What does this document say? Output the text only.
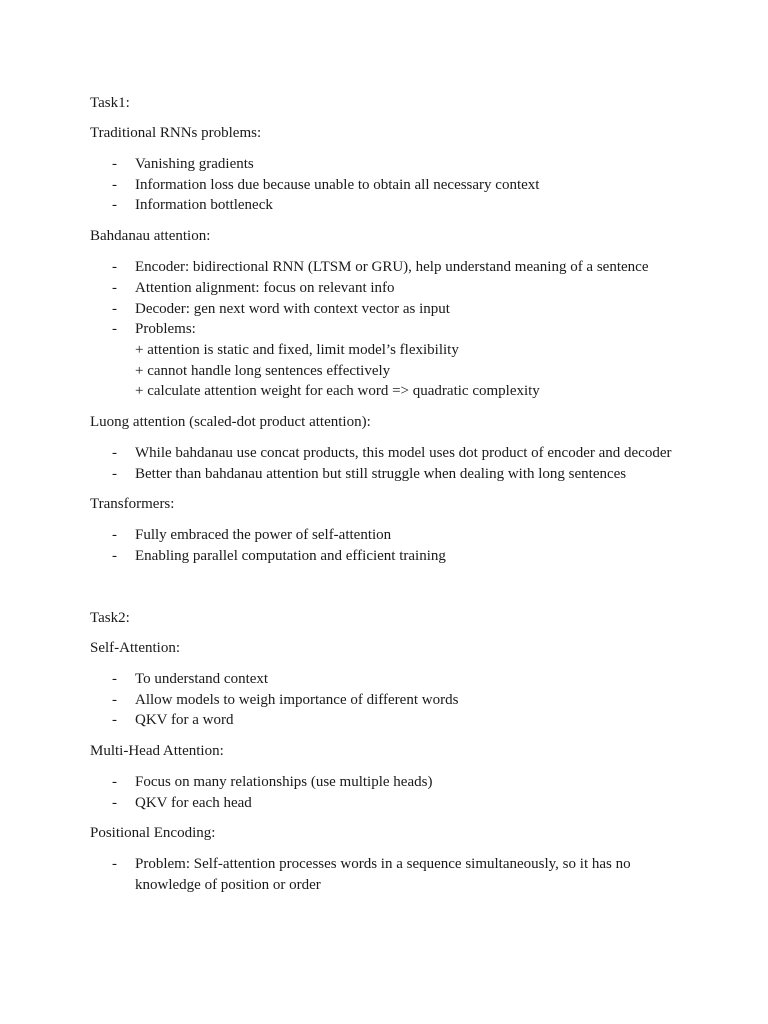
Task1:

Traditional RNNs problems:

- Vanishing gradients
- Information loss due because unable to obtain all necessary context
- Information bottleneck

Bahdanau attention:

- Encoder: bidirectional RNN (LTSM or GRU), help understand meaning of a sentence
- Attention alignment: focus on relevant info
- Decoder: gen next word with context vector as input
- Problems:
+ attention is static and fixed, limit model’s flexibility
+ cannot handle long sentences effectively
+ calculate attention weight for each word => quadratic complexity

Luong attention (scaled-dot product attention):

- While bahdanau use concat products, this model uses dot product of encoder and decoder
- Better than bahdanau attention but still struggle when dealing with long sentences

Transformers:

- Fully embraced the power of self-attention
- Enabling parallel computation and efficient training

Task2:

Self-Attention:

- To understand context
- Allow models to weigh importance of different words
- QKV for a word

Multi-Head Attention:

- Focus on many relationships (use multiple heads)
- QKV for each head

Positional Encoding:

- Problem: Self-attention processes words in a sequence simultaneously, so it has no knowledge of position or order
